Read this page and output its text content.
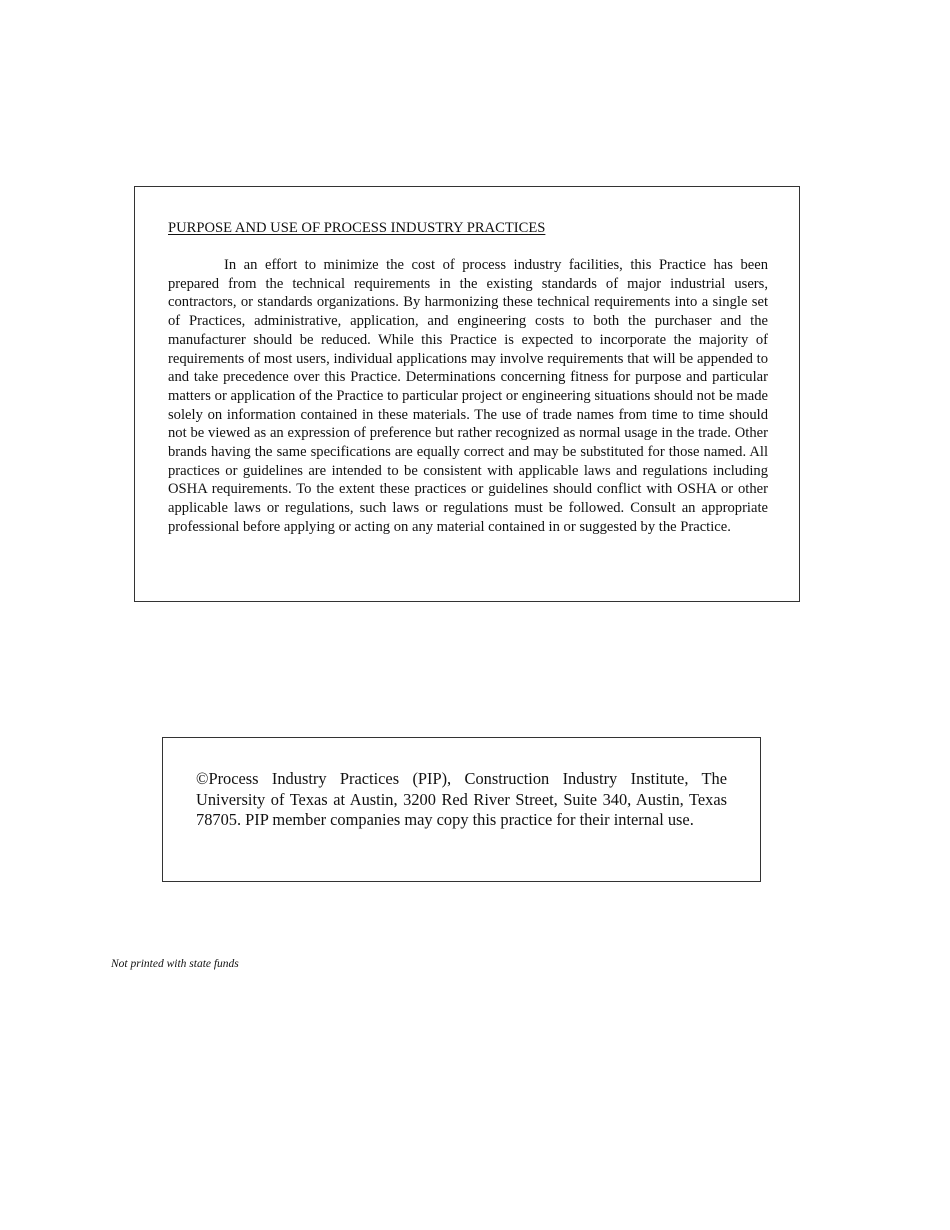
PURPOSE AND USE OF PROCESS INDUSTRY PRACTICES

In an effort to minimize the cost of process industry facilities, this Practice has been prepared from the technical requirements in the existing standards of major industrial users, contractors, or standards organizations. By harmonizing these technical requirements into a single set of Practices, administrative, application, and engineering costs to both the purchaser and the manufacturer should be reduced. While this Practice is expected to incorporate the majority of requirements of most users, individual applications may involve requirements that will be appended to and take precedence over this Practice. Determinations concerning fitness for purpose and particular matters or application of the Practice to particular project or engineering situations should not be made solely on information contained in these materials. The use of trade names from time to time should not be viewed as an expression of preference but rather recognized as normal usage in the trade. Other brands having the same specifications are equally correct and may be substituted for those named. All practices or guidelines are intended to be consistent with applicable laws and regulations including OSHA requirements. To the extent these practices or guidelines should conflict with OSHA or other applicable laws or regulations, such laws or regulations must be followed. Consult an appropriate professional before applying or acting on any material contained in or suggested by the Practice.

©Process Industry Practices (PIP), Construction Industry Institute, The University of Texas at Austin, 3200 Red River Street, Suite 340, Austin, Texas 78705. PIP member companies may copy this practice for their internal use.

Not printed with state funds
